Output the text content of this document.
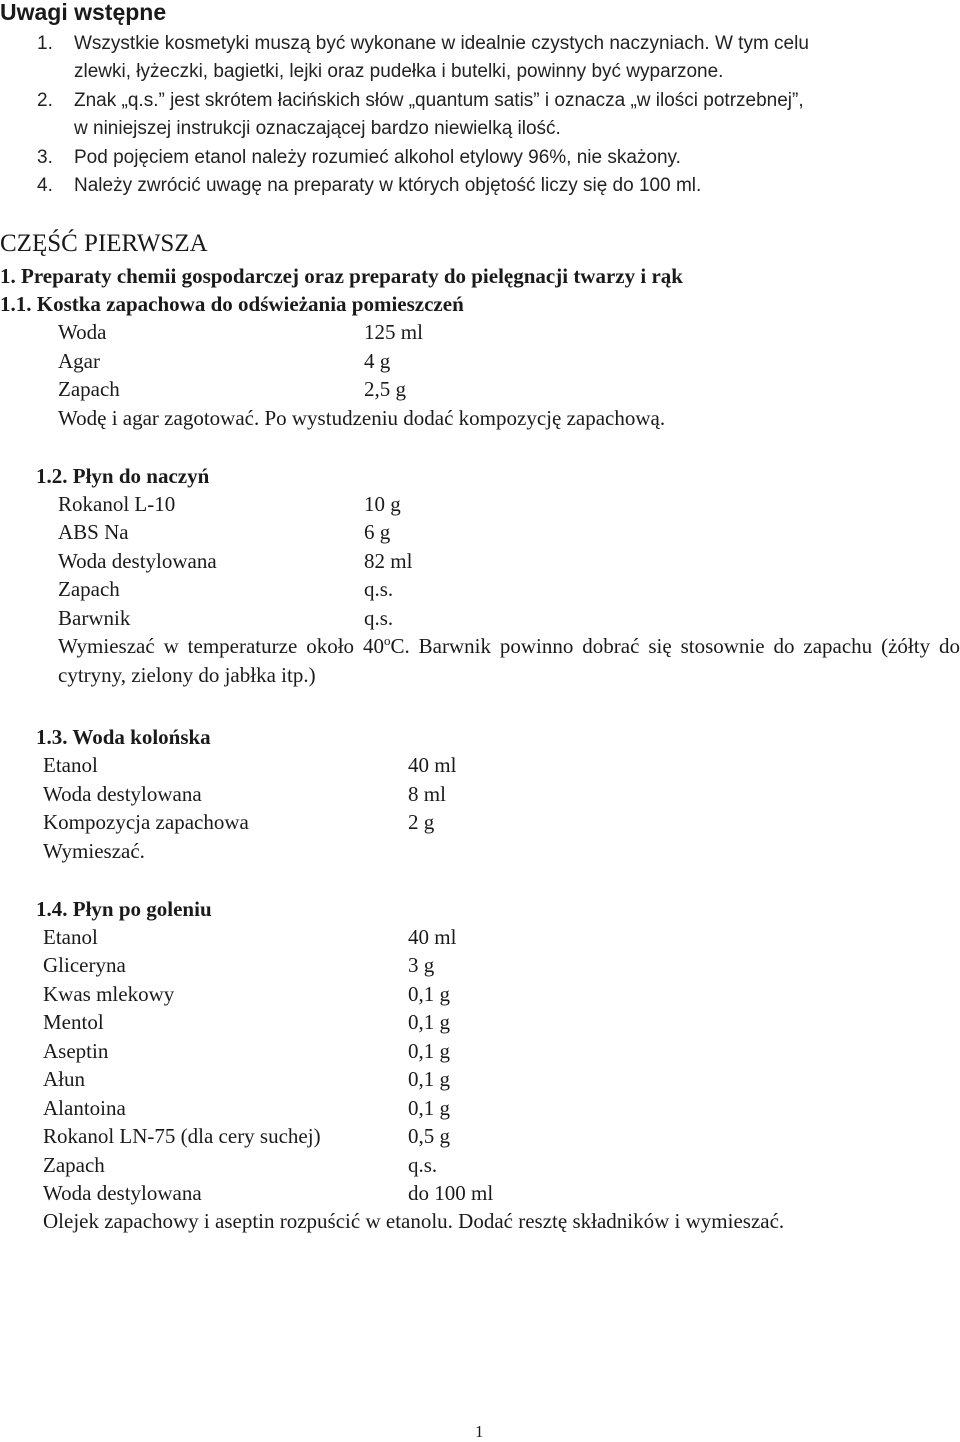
Uwagi wstępne
1. Wszystkie kosmetyki muszą być wykonane w idealnie czystych naczyniach. W tym celu
zlewki, łyżeczki, bagietki, lejki oraz pudełka i butelki, powinny być wyparzone.
2. Znak „q.s.” jest skrótem łacińskich słów „quantum satis” i oznacza „w ilości potrzebnej”,
w niniejszej instrukcji oznaczającej bardzo niewielką ilość.
3. Pod pojęciem etanol należy rozumieć alkohol etylowy 96%, nie skażony.
4. Należy zwrócić uwagę na preparaty w których objętość liczy się do 100 ml.
CZĘŚĆ PIERWSZA
1. Preparaty chemii gospodarczej oraz preparaty do pielęgnacji twarzy i rąk
1.1. Kostka zapachowa do odświeżania pomieszczeń
Woda	125 ml
Agar	4 g
Zapach	2,5 g
Wodę i agar zagotować. Po wystudzeniu dodać kompozycję zapachową.
1.2. Płyn do naczyń
Rokanol L-10	10 g
ABS Na	6 g
Woda destylowana	82 ml
Zapach	q.s.
Barwnik	q.s.
Wymieszać w temperaturze około 40$^o$C. Barwnik powinno dobrać się stosownie do zapachu (żółty do cytryny, zielony do jabłka itp.)
1.3. Woda kolońska
Etanol	40 ml
Woda destylowana	8 ml
Kompozycja zapachowa	2 g
Wymieszać.
1.4. Płyn po goleniu
Etanol	40 ml
Gliceryna	3 g
Kwas mlekowy	0,1 g
Mentol	0,1 g
Aseptin	0,1 g
Ałun	0,1 g
Alantoina	0,1 g
Rokanol LN-75 (dla cery suchej)	0,5 g
Zapach	q.s.
Woda destylowana	do 100 ml
Olejek zapachowy i aseptin rozpuścić w etanolu. Dodać resztę składników i wymieszać.
1
